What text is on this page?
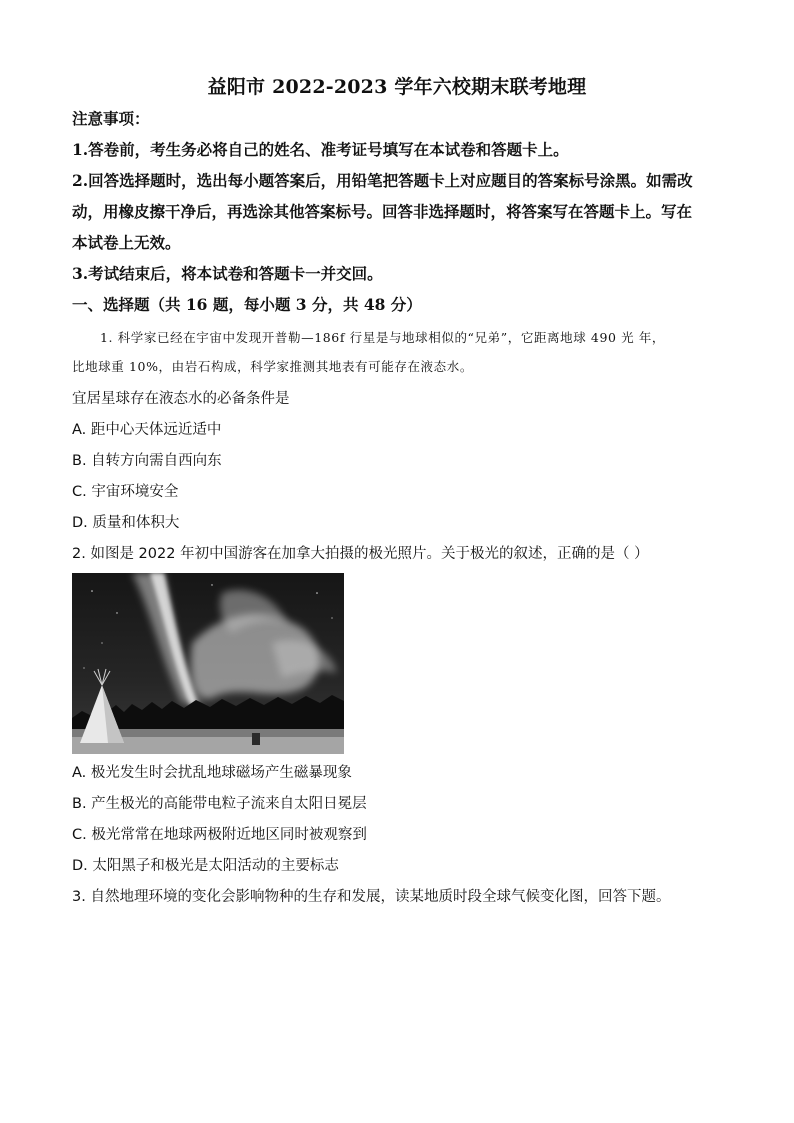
益阳市 2022-2023 学年六校期末联考地理
注意事项：
1.答卷前，考生务必将自己的姓名、准考证号填写在本试卷和答题卡上。
2.回答选择题时，选出每小题答案后，用铅笔把答题卡上对应题目的答案标号涂黑。如需改
动，用橡皮擦干净后，再选涂其他答案标号。回答非选择题时，将答案写在答题卡上。写在
本试卷上无效。
3.考试结束后，将本试卷和答题卡一并交回。
一、选择题（共 16 题，每小题 3 分，共 48 分）
1. 科学家已经在宇宙中发现开普勒—186f 行星是与地球相似的“兄弟”，它距离地球 490 光 年，
比地球重 10%，由岩石构成，科学家推测其地表有可能存在液态水。
宜居星球存在液态水的必备条件是
A. 距中心天体远近适中
B. 自转方向需自西向东
C. 宇宙环境安全
D. 质量和体积大
2. 如图是 2022 年初中国游客在加拿大拍摄的极光照片。关于极光的叙述，正确的是（ ）
A. 极光发生时会扰乱地球磁场产生磁暴现象
B. 产生极光的高能带电粒子流来自太阳日冕层
C. 极光常常在地球两极附近地区同时被观察到
D. 太阳黑子和极光是太阳活动的主要标志
3. 自然地理环境的变化会影响物种的生存和发展，读某地质时段全球气候变化图，回答下题。
